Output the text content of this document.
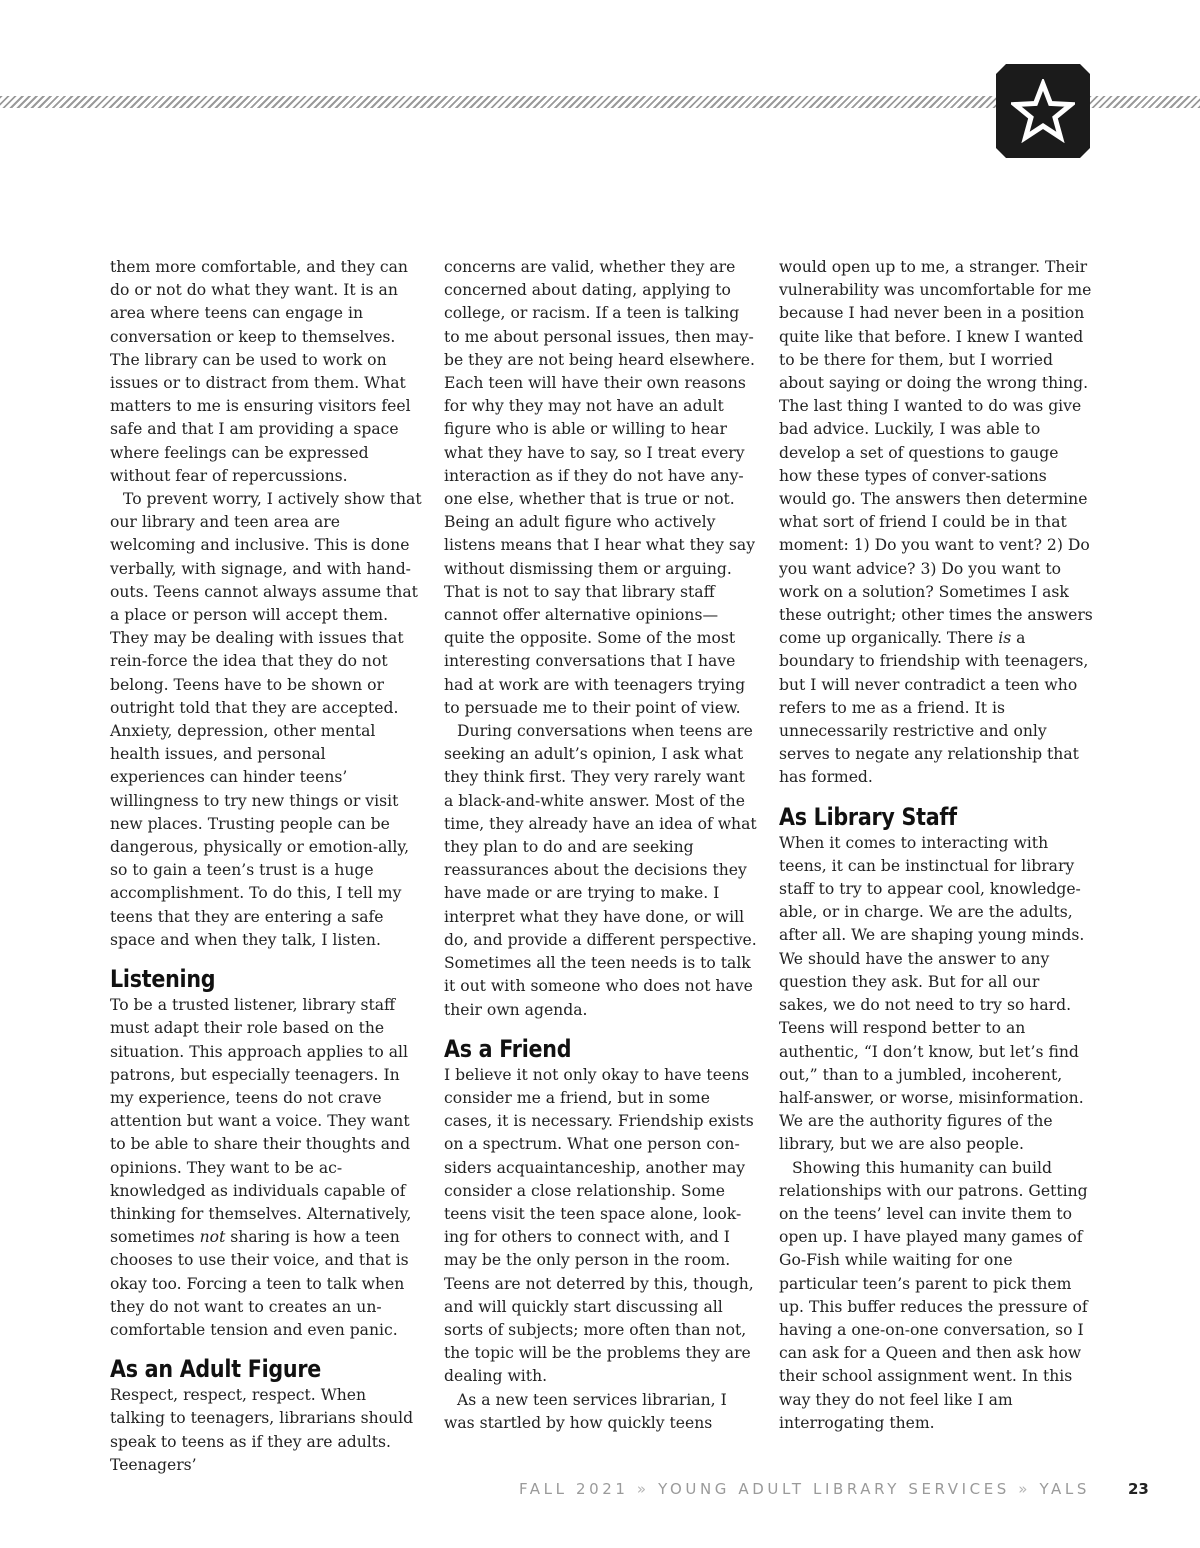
them more comfortable, and they can do or not do what they want. It is an area where teens can engage in conversation or keep to themselves. The library can be used to work on issues or to distract from them. What matters to me is ensuring visitors feel safe and that I am providing a space where feelings can be expressed without fear of repercussions.

To prevent worry, I actively show that our library and teen area are welcoming and inclusive. This is done verbally, with signage, and with hand-outs. Teens cannot always assume that a place or person will accept them. They may be dealing with issues that rein-force the idea that they do not belong. Teens have to be shown or outright told that they are accepted. Anxiety, depression, other mental health issues, and personal experiences can hinder teens’ willingness to try new things or visit new places. Trusting people can be dangerous, physically or emotion-ally, so to gain a teen’s trust is a huge accomplishment. To do this, I tell my teens that they are entering a safe space and when they talk, I listen.

Listening

To be a trusted listener, library staff must adapt their role based on the situation. This approach applies to all patrons, but especially teenagers. In my experience, teens do not crave attention but want a voice. They want to be able to share their thoughts and opinions. They want to be ac-knowledged as individuals capable of thinking for themselves. Alternatively, sometimes not sharing is how a teen chooses to use their voice, and that is okay too. Forcing a teen to talk when they do not want to creates an un-comfortable tension and even panic.

As an Adult Figure

Respect, respect, respect. When talking to teenagers, librarians should speak to teens as if they are adults. Teenagers’

concerns are valid, whether they are concerned about dating, applying to college, or racism. If a teen is talking to me about personal issues, then may-be they are not being heard elsewhere. Each teen will have their own reasons for why they may not have an adult figure who is able or willing to hear what they have to say, so I treat every interaction as if they do not have any-one else, whether that is true or not. Being an adult figure who actively listens means that I hear what they say without dismissing them or arguing. That is not to say that library staff cannot offer alternative opinions— quite the opposite. Some of the most interesting conversations that I have had at work are with teenagers trying to persuade me to their point of view.

During conversations when teens are seeking an adult’s opinion, I ask what they think first. They very rarely want a black-and-white answer. Most of the time, they already have an idea of what they plan to do and are seeking reassurances about the decisions they have made or are trying to make. I interpret what they have done, or will do, and provide a different perspective. Sometimes all the teen needs is to talk it out with someone who does not have their own agenda.

As a Friend

I believe it not only okay to have teens consider me a friend, but in some cases, it is necessary. Friendship exists on a spectrum. What one person con-siders acquaintanceship, another may consider a close relationship. Some teens visit the teen space alone, look-ing for others to connect with, and I may be the only person in the room. Teens are not deterred by this, though, and will quickly start discussing all sorts of subjects; more often than not, the topic will be the problems they are dealing with.

As a new teen services librarian, I was startled by how quickly teens

would open up to me, a stranger. Their vulnerability was uncomfortable for me because I had never been in a position quite like that before. I knew I wanted to be there for them, but I worried about saying or doing the wrong thing. The last thing I wanted to do was give bad advice. Luckily, I was able to develop a set of questions to gauge how these types of conver-sations would go. The answers then determine what sort of friend I could be in that moment: 1) Do you want to vent? 2) Do you want advice? 3) Do you want to work on a solution? Sometimes I ask these outright; other times the answers come up organically. There is a boundary to friendship with teenagers, but I will never contradict a teen who refers to me as a friend. It is unnecessarily restrictive and only serves to negate any relationship that has formed.

As Library Staff

When it comes to interacting with teens, it can be instinctual for library staff to try to appear cool, knowledge-able, or in charge. We are the adults, after all. We are shaping young minds. We should have the answer to any question they ask. But for all our sakes, we do not need to try so hard. Teens will respond better to an authentic, “I don’t know, but let’s find out,” than to a jumbled, incoherent, half-answer, or worse, misinformation. We are the authority figures of the library, but we are also people.

Showing this humanity can build relationships with our patrons. Getting on the teens’ level can invite them to open up. I have played many games of Go-Fish while waiting for one particular teen’s parent to pick them up. This buffer reduces the pressure of having a one-on-one conversation, so I can ask for a Queen and then ask how their school assignment went. In this way they do not feel like I am interrogating them.

FALL 2021 » YOUNG ADULT LIBRARY SERVICES » YALS	23
